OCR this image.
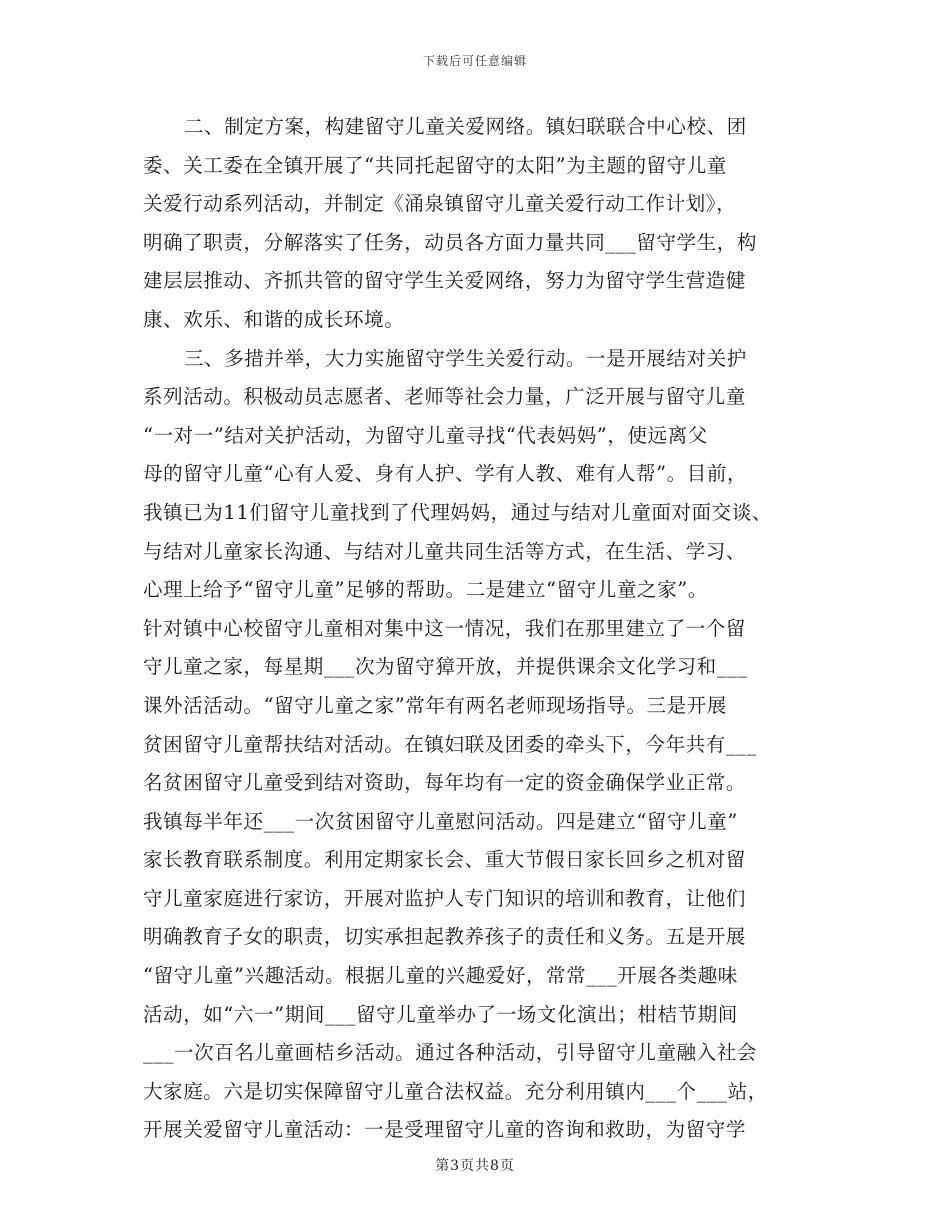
下载后可任意编辑
二、制定方案，构建留守儿童关爱网络。镇妇联联合中心校、团
委、关工委在全镇开展了“共同托起留守的太阳”为主题的留守儿童
关爱行动系列活动，并制定《涌泉镇留守儿童关爱行动工作计划》，
明确了职责，分解落实了任务，动员各方面力量共同___留守学生，构
建层层推动、齐抓共管的留守学生关爱网络，努力为留守学生营造健
康、欢乐、和谐的成长环境。
三、多措并举，大力实施留守学生关爱行动。一是开展结对关护
系列活动。积极动员志愿者、老师等社会力量，广泛开展与留守儿童
“一对一”结对关护活动，为留守儿童寻找“代表妈妈”，使远离父
母的留守儿童“心有人爱、身有人护、学有人教、难有人帮”。目前，
我镇已为11们留守儿童找到了代理妈妈，通过与结对儿童面对面交谈、
与结对儿童家长沟通、与结对儿童共同生活等方式，在生活、学习、
心理上给予“留守儿童”足够的帮助。二是建立“留守儿童之家”。
针对镇中心校留守儿童相对集中这一情况，我们在那里建立了一个留
守儿童之家，每星期___次为留守獐开放，并提供课余文化学习和___
课外活活动。“留守儿童之家”常年有两名老师现场指导。三是开展
贫困留守儿童帮扶结对活动。在镇妇联及团委的牵头下，今年共有___
名贫困留守儿童受到结对资助，每年均有一定的资金确保学业正常。
我镇每半年还___一次贫困留守儿童慰问活动。四是建立“留守儿童”
家长教育联系制度。利用定期家长会、重大节假日家长回乡之机对留
守儿童家庭进行家访，开展对监护人专门知识的培训和教育，让他们
明确教育子女的职责，切实承担起教养孩子的责任和义务。五是开展
“留守儿童”兴趣活动。根据儿童的兴趣爱好，常常___开展各类趣味
活动，如“六一”期间___留守儿童举办了一场文化演出；柑桔节期间
___一次百名儿童画桔乡活动。通过各种活动，引导留守儿童融入社会
大家庭。六是切实保障留守儿童合法权益。充分利用镇内___个___站，
开展关爱留守儿童活动：一是受理留守儿童的咨询和救助，为留守学
第3页共8页
